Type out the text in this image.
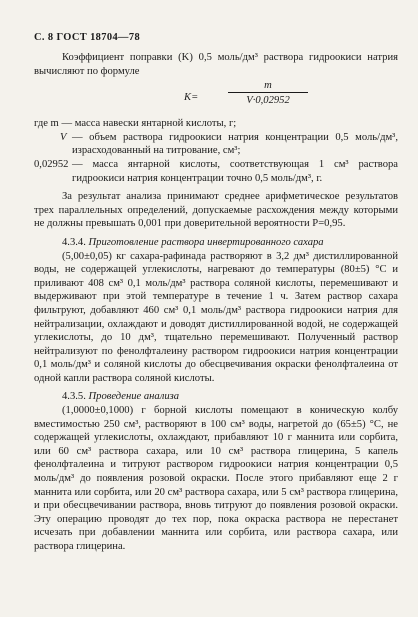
С. 8 ГОСТ 18704—78

Коэффициент поправки (K) 0,5 моль/дм³ раствора гидроокиси натрия вычисляют по формуле

K=	$\frac{m}{V\cdot 0,02952}$

где m — масса навески янтарной кислоты, г;

V — объем раствора гидроокиси натрия концентрации 0,5 моль/дм³, израсходованный на титрование, см³;
0,02952 — масса янтарной кислоты, соответствующая 1 см³ раствора гидроокиси натрия концентрации точно 0,5 моль/дм³, г.

За результат анализа принимают среднее арифметическое результатов трех параллельных определений, допускаемые расхождения между которыми не должны превышать 0,001 при доверительной вероятности P=0,95.

4.3.4. Приготовление раствора инвертированного сахара

(5,00±0,05) кг сахара-рафинада растворяют в 3,2 дм³ дистиллированной воды, не содержащей углекислоты, нагревают до температуры (80±5) °С и приливают 408 см³ 0,1 моль/дм³ раствора соляной кислоты, перемешивают и выдерживают при этой температуре в течение 1 ч. Затем раствор сахара фильтруют, добавляют 460 см³ 0,1 моль/дм³ раствора гидроокиси натрия для нейтрализации, охлаждают и доводят дистиллированной водой, не содержащей углекислоты, до 10 дм³, тщательно перемешивают. Полученный раствор нейтрализуют по фенолфталеину раствором гидроокиси натрия концентрации 0,1 моль/дм³ и соляной кислоты до обесцвечивания окраски фенолфталеина от одной капли раствора соляной кислоты.

4.3.5. Проведение анализа

(1,0000±0,1000) г борной кислоты помещают в коническую колбу вместимостью 250 см³, растворяют в 100 см³ воды, нагретой до (65±5) °С, не содержащей углекислоты, охлаждают, прибавляют 10 г маннита или сорбита, или 60 см³ раствора сахара, или 10 см³ раствора глицерина, 5 капель фенолфталеина и титруют раствором гидроокиси натрия концентрации 0,5 моль/дм³ до появления розовой окраски. После этого прибавляют еще 2 г маннита или сорбита, или 20 см³ раствора сахара, или 5 см³ раствора глицерина, и при обесцвечивании раствора, вновь титруют до появления розовой окраски. Эту операцию проводят до тех пор, пока окраска раствора не перестанет исчезать при добавлении маннита или сорбита, или раствора сахара, или раствора глицерина.
